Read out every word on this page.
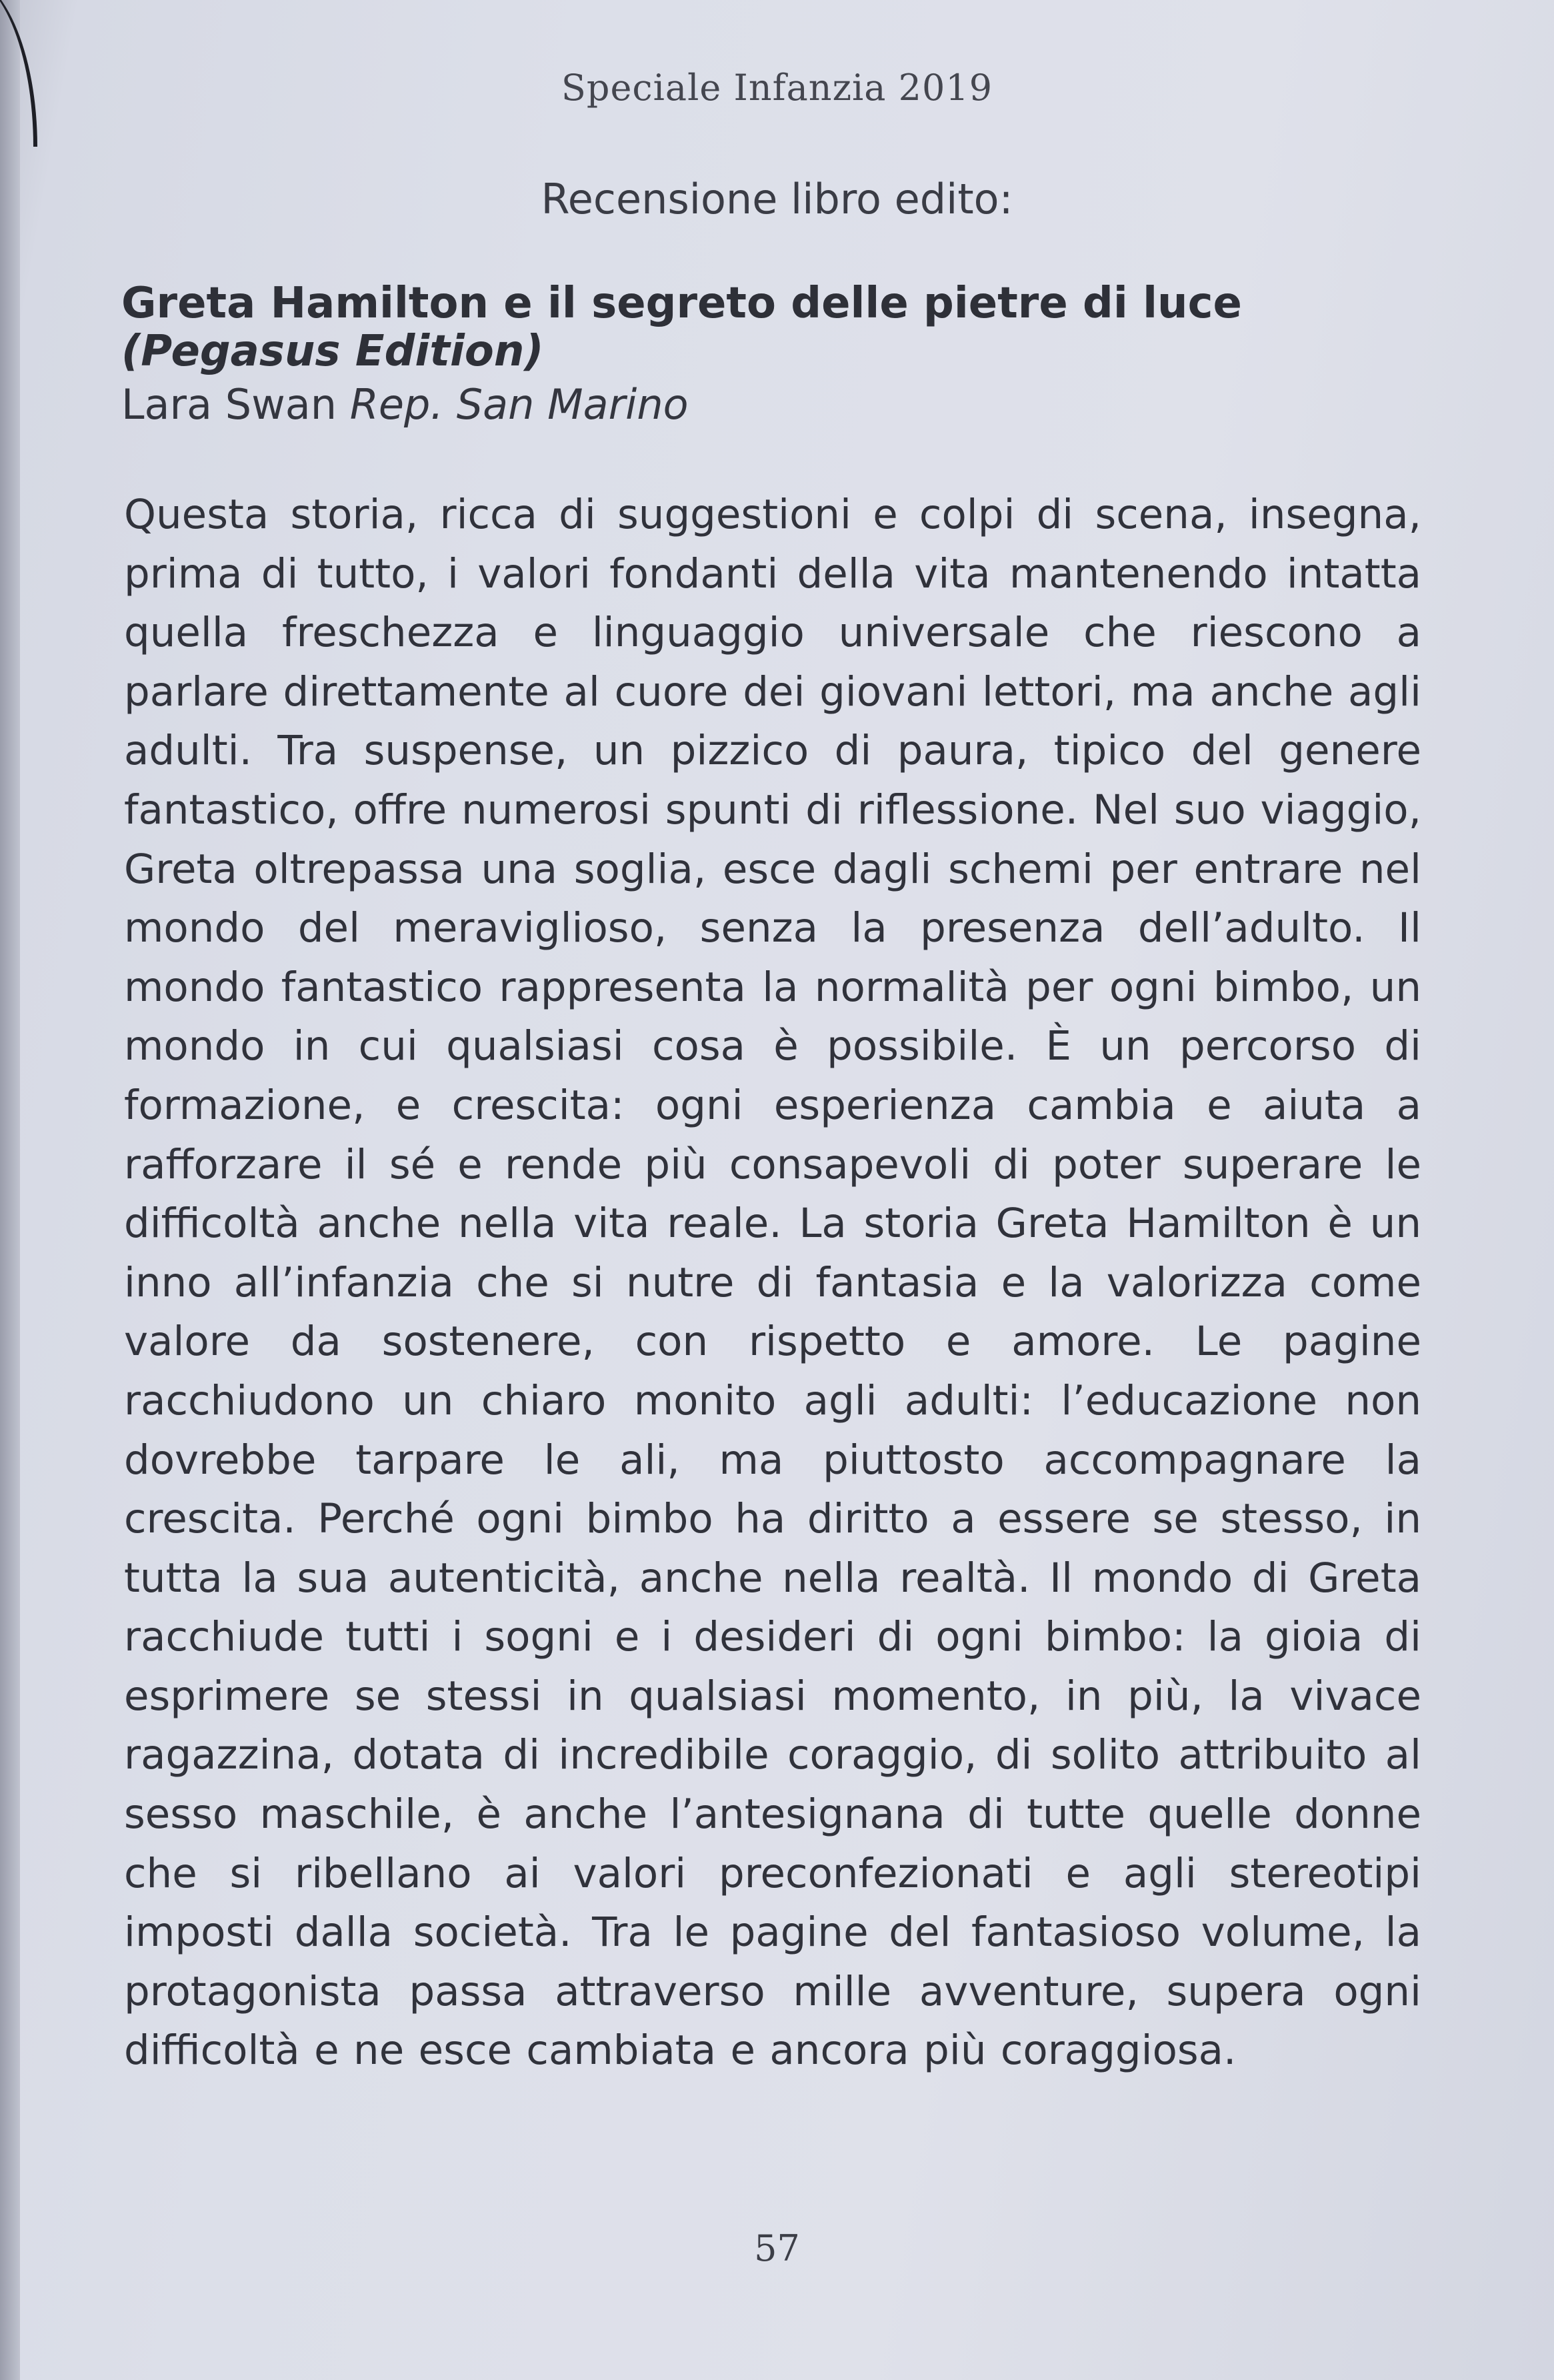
Speciale Infanzia 2019
Recensione libro edito:
Greta Hamilton e il segreto delle pietre di luce
(Pegasus Edition)
Lara Swan Rep. San Marino
Questa storia, ricca di suggestioni e colpi di scena, insegna, prima di tutto, i valori fondanti della vita mantenendo intatta quella freschezza e linguaggio universale che riescono a parlare direttamente al cuore dei giovani lettori, ma anche agli adulti. Tra suspense, un pizzico di paura, tipico del genere fantastico, offre numerosi spunti di riflessione. Nel suo viaggio, Greta oltrepassa una soglia, esce dagli schemi per entrare nel mondo del meraviglioso, senza la presenza dell’adulto. Il mondo fantastico rappresenta la normalità per ogni bimbo, un mondo in cui qualsiasi cosa è possibile. È un percorso di formazione, e crescita: ogni esperienza cambia e aiuta a rafforzare il sé e rende più consapevoli di poter superare le difficoltà anche nella vita reale. La storia Greta Hamilton è un inno all’infanzia che si nutre di fantasia e la valorizza come valore da sostenere, con rispetto e amore. Le pagine racchiudono un chiaro monito agli adulti: l’educazione non dovrebbe tarpare le ali, ma piuttosto accompagnare la crescita. Perché ogni bimbo ha diritto a essere se stesso, in tutta la sua autenticità, anche nella realtà. Il mondo di Greta racchiude tutti i sogni e i desideri di ogni bimbo: la gioia di esprimere se stessi in qualsiasi momento, in più, la vivace ragazzina, dotata di incredibile coraggio, di solito attribuito al sesso maschile, è anche l’antesignana di tutte quelle donne che si ribellano ai valori preconfezionati e agli stereotipi imposti dalla società. Tra le pagine del fantasioso volume, la protagonista passa attraverso mille avventure, supera ogni difficoltà e ne esce cambiata e ancora più coraggiosa.
57
